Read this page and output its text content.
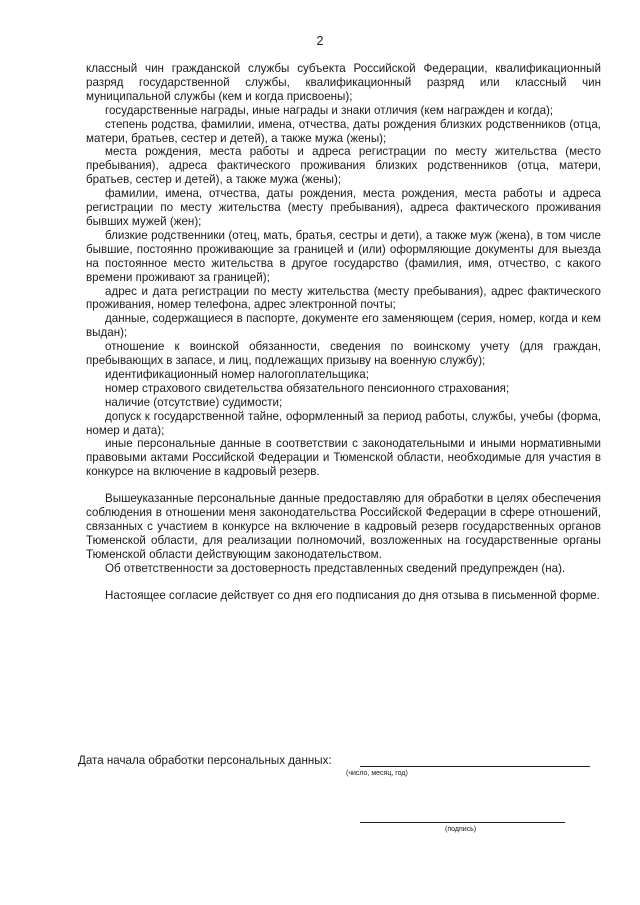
2

классный чин гражданской службы субъекта Российской Федерации, квалификационный разряд государственной службы, квалификационный разряд или классный чин муниципальной службы (кем и когда присвоены);

государственные награды, иные награды и знаки отличия (кем награжден и когда);

степень родства, фамилии, имена, отчества, даты рождения близких родственников (отца, матери, братьев, сестер и детей), а также мужа (жены);

места рождения, места работы и адреса регистрации по месту жительства (место пребывания), адреса фактического проживания близких родственников (отца, матери, братьев, сестер и детей), а также мужа (жены);

фамилии, имена, отчества, даты рождения, места рождения, места работы и адреса регистрации по месту жительства (месту пребывания), адреса фактического проживания бывших мужей (жен);

близкие родственники (отец, мать, братья, сестры и дети), а также муж (жена), в том числе бывшие, постоянно проживающие за границей и (или) оформляющие документы для выезда на постоянное место жительства в другое государство (фамилия, имя, отчество, с какого времени проживают за границей);

адрес и дата регистрации по месту жительства (месту пребывания), адрес фактического проживания, номер телефона, адрес электронной почты;

данные, содержащиеся в паспорте, документе его заменяющем (серия, номер, когда и кем выдан);

отношение к воинской обязанности, сведения по воинскому учету (для граждан, пребывающих в запасе, и лиц, подлежащих призыву на военную службу);

идентификационный номер налогоплательщика;

номер страхового свидетельства обязательного пенсионного страхования;

наличие (отсутствие) судимости;

допуск к государственной тайне, оформленный за период работы, службы, учебы (форма, номер и дата);

иные персональные данные в соответствии с законодательными и иными нормативными правовыми актами Российской Федерации и Тюменской области, необходимые для участия в конкурсе на включение в кадровый резерв.

Вышеуказанные персональные данные предоставляю для обработки в целях обеспечения соблюдения в отношении меня законодательства Российской Федерации в сфере отношений, связанных с участием в конкурсе на включение в кадровый резерв государственных органов Тюменской области, для реализации полномочий, возложенных на государственные органы Тюменской области действующим законодательством.

Об ответственности за достоверность представленных сведений предупрежден (на).

Настоящее согласие действует со дня его подписания до дня отзыва в письменной форме.

Дата начала обработки персональных данных:
(число, месяц, год)
(подпись)
